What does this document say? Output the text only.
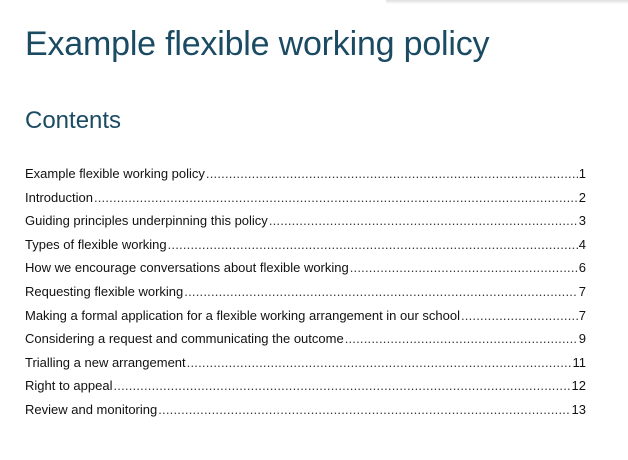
Example flexible working policy
Contents
Example flexible working policy .....	1
Introduction .....	2
Guiding principles underpinning this policy .....	3
Types of flexible working .....	4
How we encourage conversations about flexible working .....	6
Requesting flexible working .....	7
Making a formal application for a flexible working arrangement in our school .....	7
Considering a request and communicating the outcome .....	9
Trialling a new arrangement .....	11
Right to appeal .....	12
Review and monitoring .....	13
